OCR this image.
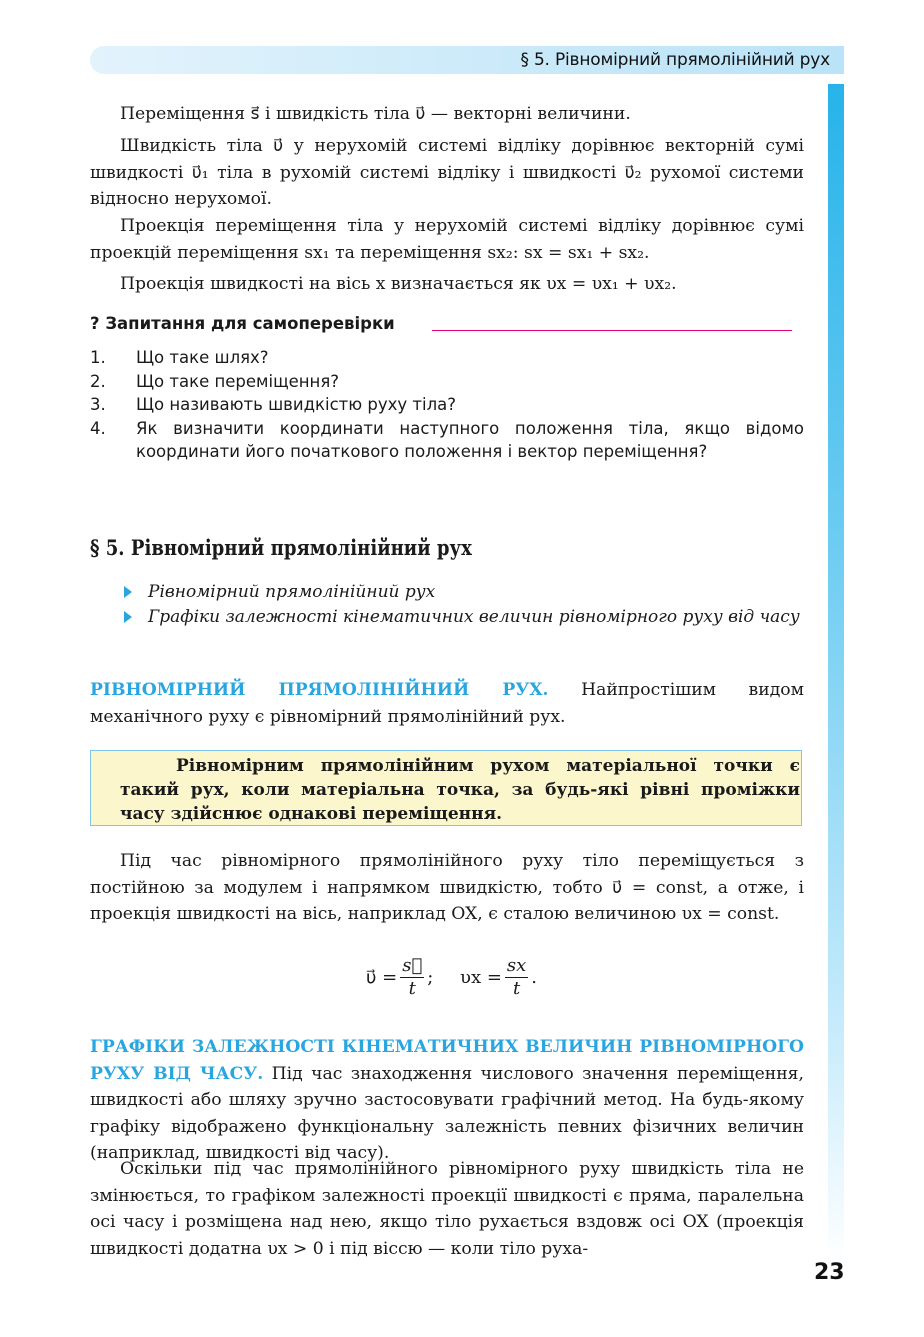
§ 5. Рівномірний прямолінійний рух
Переміщення s⃗ і швидкість тіла υ⃗ — векторні величини.
Швидкість тіла υ⃗ у нерухомій системі відліку дорівнює векторній сумі швидкості υ⃗₁ тіла в рухомій системі відліку і швидкості υ⃗₂ рухомої системи відносно нерухомої.
Проекція переміщення тіла у нерухомій системі відліку дорівнює сумі проекцій переміщення sx₁ та переміщення sx₂: sx = sx₁ + sx₂.
Проекція швидкості на вісь x визначається як υx = υx₁ + υx₂.
? Запитання для самоперевірки
1. Що таке шлях?
2. Що таке переміщення?
3. Що називають швидкістю руху тіла?
4. Як визначити координати наступного положення тіла, якщо відомо координати його початкового положення і вектор переміщення?
§ 5. Рівномірний прямолінійний рух
Рівномірний прямолінійний рух
Графіки залежності кінематичних величин рівномірного руху від часу
РІВНОМІРНИЙ ПРЯМОЛІНІЙНИЙ РУХ. Найпростішим видом механічного руху є рівномірний прямолінійний рух.
Рівномірним прямолінійним рухом матеріальної точки є такий рух, коли матеріальна точка, за будь-які рівні проміжки часу здійснює однакові переміщення.
Під час рівномірного прямолінійного руху тіло переміщується з постійною за модулем і напрямком швидкістю, тобто υ⃗ = const, а отже, і проекція швидкості на вісь, наприклад OX, є сталою величиною υx = const.
υ⃗ = $\frac{s⃗}{t}$ ; $\upsilon x = \frac{sx}{t}$ .
ГРАФІКИ ЗАЛЕЖНОСТІ КІНЕМАТИЧНИХ ВЕЛИЧИН РІВНОМІРНОГО РУХУ ВІД ЧАСУ. Під час знаходження числового значення переміщення, швидкості або шляху зручно застосовувати графічний метод. На будь-якому графіку відображено функціональну залежність певних фізичних величин (наприклад, швидкості від часу).
Оскільки під час прямолінійного рівномірного руху швидкість тіла не змінюється, то графіком залежності проекції швидкості є пряма, паралельна осі часу і розміщена над нею, якщо тіло рухається вздовж осі OX (проекція швидкості додатна υx > 0 і під віссю — коли тіло руха-
23
